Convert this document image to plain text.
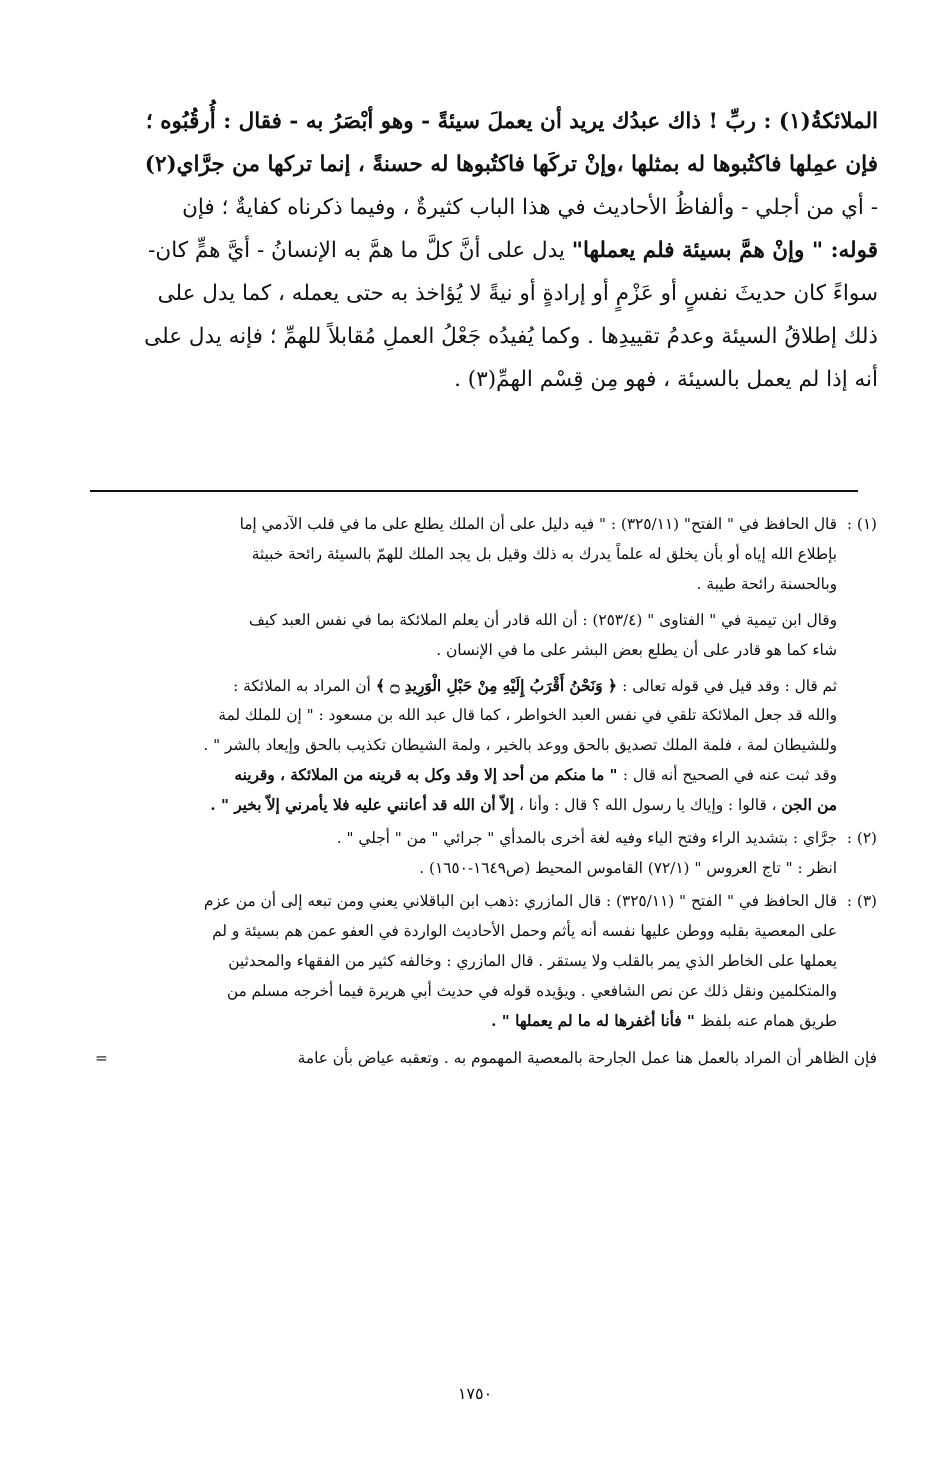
الملائكةُ(١) : ربِّ ! ذاك عبدُك يريد أن يعملَ سيئةً - وهو أبْصَرُ به - فقال : أُرقُبُوه ؛

فإن عمِلها فاكتُبوها له بمثلها ،وإنْ تركَها فاكتُبوها له حسنةً ، إنما تركها من جرَّاي(٢)

- أي من أجلي - وألفاظُ الأحاديث في هذا الباب كثيرةٌ ، وفيما ذكرناه كفايةٌ ؛ فإن

قوله: " وإنْ همَّ بسيئة فلم يعملها" يدل على أنَّ كلَّ ما همَّ به الإنسانُ - أيَّ همٍّ كان-

سواءً كان حديثَ نفسٍ أو عَزْمٍ أو إرادةٍ أو نيةً لا يُؤاخذ به حتى يعمله ، كما يدل على

ذلك إطلاقُ السيئة وعدمُ تقييدِها . وكما يُفيدُه جَعْلُ العملِ مُقابلاً للهمِّ ؛ فإنه يدل على

أنه إذا لم يعمل بالسيئة ، فهو مِن قِسْم الهمِّ(٣) .

(١) :قال الحافظ في " الفتح" (٣٢٥/١١) : " فيه دليل على أن الملك يطلع على ما في قلب الآدمي إما
بإطلاع الله إياه أو بأن يخلق له علماً يدرك به ذلك وقيل بل يجد الملك للهمّ بالسيئة رائحة خبيثة
وبالحسنة رائحة طيبة .
وقال ابن تيمية في " الفتاوى " (٢٥٣/٤) : أن الله قادر أن يعلم الملائكة بما في نفس العبد كيف
شاء كما هو قادر على أن يطلع بعض البشر على ما في الإنسان .
ثم قال : وقد قيل في قوله تعالى : ﴿ وَنَحْنُ أَقْرَبُ إِلَيْهِ مِنْ حَبْلِ الْوَرِيدِ ۝ ﴾ أن المراد به الملائكة :
والله قد جعل الملائكة تلقي في نفس العبد الخواطر ، كما قال عبد الله بن مسعود : " إن للملك لمة
وللشيطان لمة ، فلمة الملك تصديق بالحق ووعد بالخير ، ولمة الشيطان تكذيب بالحق وإيعاد بالشر " .
وقد ثبت عنه في الصحيح أنه قال : " ما منكم من أحد إلا وقد وكل به قرينه من الملائكة ، وقرينه
من الجن ، قالوا : وإياك يا رسول الله ؟ قال : وأنا ، إلاّ أن الله قد أعانني عليه فلا يأمرني إلاّ بخير " .
(٢) :جرَّاي : بتشديد الراء وفتح الياء وفيه لغة أخرى بالمدأي " جرائي " من " أجلي " .
انظر : " تاج العروس " (٧٢/١) القاموس المحيط (ص١٦٤٩-١٦٥٠) .
(٣) :قال الحافظ في " الفتح " (٣٢٥/١١) : قال المازري :ذهب ابن الباقلاني يعني ومن تبعه إلى أن من عزم
على المعصية بقلبه ووطن عليها نفسه أنه يأثم وحمل الأحاديث الواردة في العفو عمن هم بسيئة و لم
يعملها على الخاطر الذي يمر بالقلب ولا يستقر . قال المازري : وخالفه كثير من الفقهاء والمحدثين
والمتكلمين ونقل ذلك عن نص الشافعي . ويؤيده قوله في حديث أبي هريرة فيما أخرجه مسلم من
طريق همام عنه بلفظ " فأنا أغفرها له ما لم يعملها " .
فإن الظاهر أن المراد بالعمل هنا عمل الجارحة بالمعصية المهموم به . وتعقبه عياض بأن عامة
=
١٧٥٠
